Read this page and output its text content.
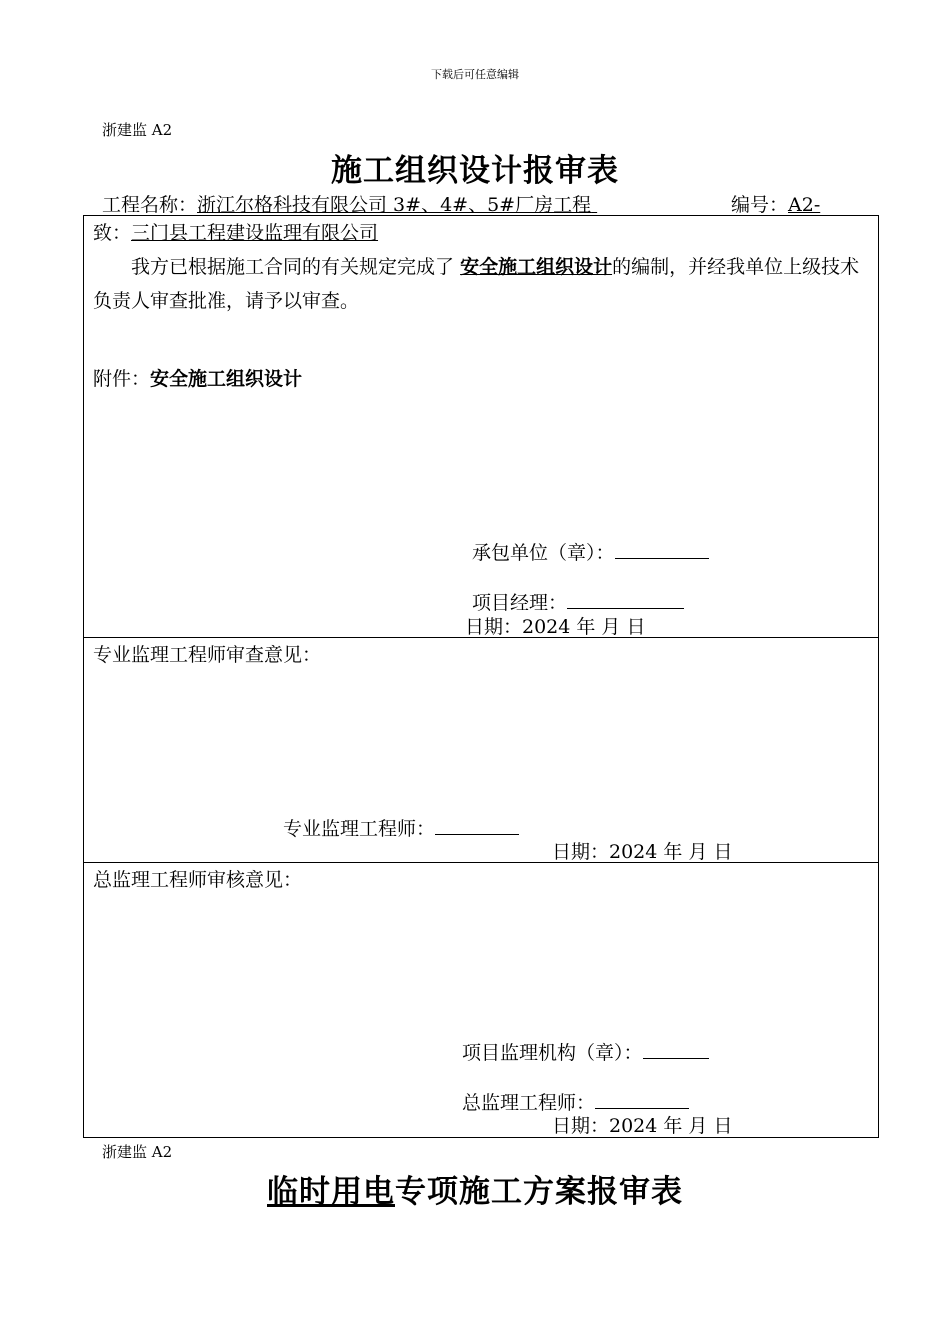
下载后可任意编辑
浙建监 A2
施工组织设计报审表
工程名称：浙江尔格科技有限公司 3#、4#、5#厂房工程	编号：A2-
致：三门县工程建设监理有限公司
我方已根据施工合同的有关规定完成了 安全施工组织设计的编制，并经我单位上级技术负责人审查批准，请予以审查。
附件：安全施工组织设计
承包单位（章）：
项目经理：
日期：2024 年 月 日
专业监理工程师审查意见：
专业监理工程师：
日期：2024 年 月 日
总监理工程师审核意见：
项目监理机构（章）：
总监理工程师：
日期：2024 年 月 日
浙建监 A2
临时用电专项施工方案报审表
